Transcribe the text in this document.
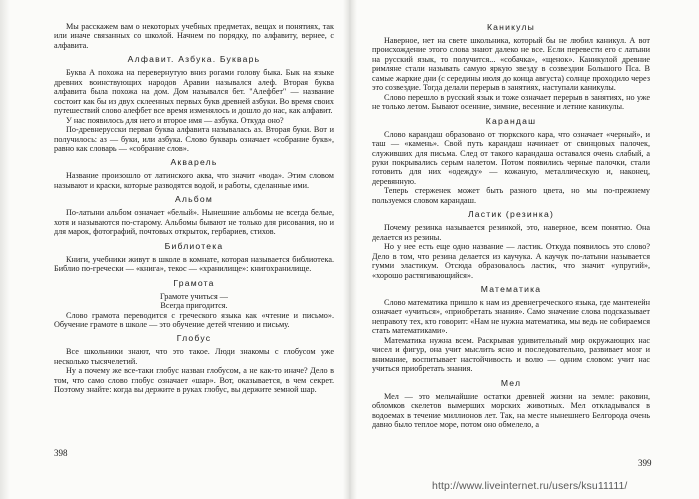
Мы расскажем вам о некоторых учебных предметах, вещах и понятиях, так или иначе связанных со школой. Начнем по порядку, по алфавиту, вернее, с алфавита.

Алфавит. Азбука. Букварь

Буква А похожа на перевернутую вниз рогами голову быка. Бык на языке древних воинствующих народов Аравии назывался алеф. Вторая буква алфавита была похожа на дом. Дом назывался бет. "Алефбет" — название состоит как бы из двух склеенных первых букв древней азбуки. Во время своих путешествий слово алефбет все время изменялось и дошло до нас, как алфавит.

У нас появилось для него и второе имя — азбука. Откуда оно?

По-древнерусски первая буква алфавита называлась аз. Вторая буки. Вот и получилось: аз — буки, или азбука. Слово букварь означает «собрание букв», равно как словарь — «собрание слов».

Акварель

Название произошло от латинского аква, что значит «вода». Этим словом называют и краски, которые разводятся водой, и работы, сделанные ими.

Альбом

По-латыни альбом означает «белый». Нынешние альбомы не всегда белые, хотя и называются по-старому. Альбомы бывают не только для рисования, но и для марок, фотографий, почтовых открыток, гербариев, стихов.

Библиотека

Книги, учебники живут в школе в комнате, которая называется библиотека. Библио по-гречески — «книга», текос — «хранилище»: книгохранилище.

Грамота

Грамоте учиться —

Всегда пригодится.

Слово грамота переводится с греческого языка как «чтение и письмо». Обучение грамоте в школе — это обучение детей чтению и письму.

Глобус

Все школьники знают, что это такое. Люди знакомы с глобусом уже несколько тысячелетий.

Ну а почему же все-таки глобус назван глобусом, а не как-то иначе? Дело в том, что само слово глобус означает «шар». Вот, оказывается, в чем секрет. Поэтому знайте: когда вы держите в руках глобус, вы держите земной шар.

398
Каникулы

Наверное, нет на свете школьника, который бы не любил каникул. А вот происхождение этого слова знают далеко не все. Если перевести его с латыни на русский язык, то получится... «собачка», «щенок». Каникулой древние римляне стали называть самую яркую звезду в созвездии Большого Пса. В самые жаркие дни (с середины июля до конца августа) солнце проходило через это созвездие. Тогда делали перерыв в занятиях, наступали каникулы.

Слово перешло в русский язык и тоже означает перерыв в занятиях, но уже не только летом. Бывают осенние, зимние, весенние и летние каникулы.

Карандаш

Слово карандаш образовано от тюркского кара, что означает «черный», и таш — «камень». Свой путь карандаш начинает от свинцовых палочек, служивших для письма. След от такого карандаша оставался очень слабый, а руки покрывались серым налетом. Потом появились черные палочки, стали готовить для них «одежду» — кожаную, металлическую и, наконец, деревянную.

Теперь стерженек может быть разного цвета, но мы по-прежнему пользуемся словом карандаш.

Ластик (резинка)

Почему резинка называется резинкой, это, наверное, всем понятно. Она делается из резины.

Но у нее есть еще одно название — ластик. Откуда появилось это слово? Дело в том, что резина делается из каучука. А каучук по-латыни называется гумми эластикум. Отсюда образовалось ластик, что значит «упругий», «хорошо растягивающийся».

Математика

Слово математика пришло к нам из древнегреческого языка, где мантенейн означает «учиться», «приобретать знания». Само значение слова подсказывает неправоту тех, кто говорит: «Нам не нужна математика, мы ведь не собираемся стать математиками».

Математика нужна всем. Раскрывая удивительный мир окружающих нас чисел и фигур, она учит мыслить ясно и последовательно, развивает мозг и внимание, воспитывает настойчивость и волю — одним словом: учит нас учиться приобретать знания.

Мел

Мел — это мельчайшие остатки древней жизни на земле: раковин, обломков скелетов вымерших морских животных. Мел откладывался в водоемах в течение миллионов лет. Так, на месте нынешнего Белгорода очень давно было теплое море, потом оно обмелело, а

399
http://www.liveinternet.ru/users/ksu11111/
